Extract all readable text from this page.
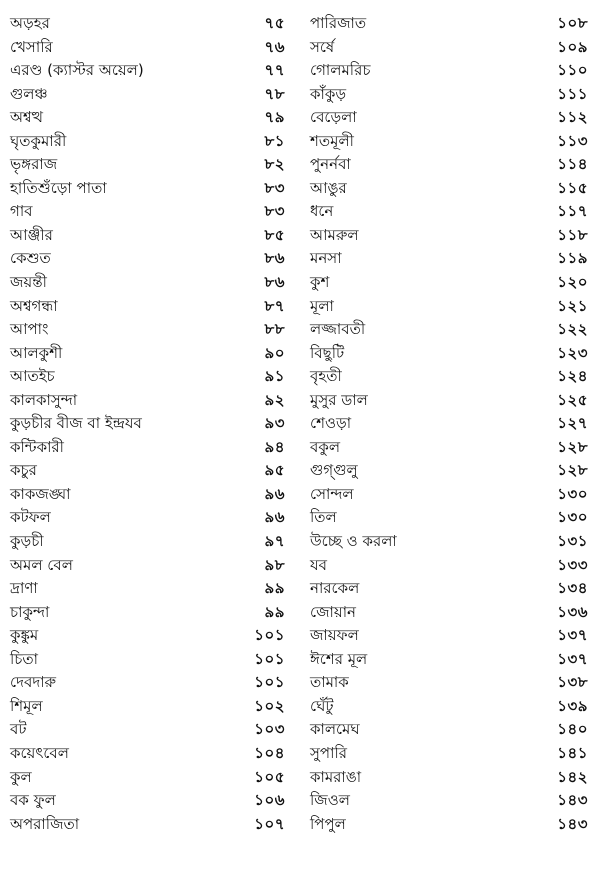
অড়হর	৭৫
খেসারি	৭৬
এরণ্ড (ক্যাস্টর অয়েল)	৭৭
গুলঞ্চ	৭৮
অশ্বত্থ	৭৯
ঘৃতকুমারী	৮১
ভৃঙ্গরাজ	৮২
হাতিশুঁড়ো পাতা	৮৩
গাব	৮৩
আঞ্জীর	৮৫
কেশুত	৮৬
জয়ন্তী	৮৬
অশ্বগন্ধা	৮৭
আপাং	৮৮
আলকুশী	৯০
আতইচ	৯১
কালকাসুন্দা	৯২
কুড়চীর বীজ বা ইন্দ্রযব	৯৩
কন্টিকারী	৯৪
কচুর	৯৫
কাকজঙ্ঘা	৯৬
কটফল	৯৬
কুড়চী	৯৭
অমল বেল	৯৮
দ্রাণা	৯৯
চাকুন্দা	৯৯
কুঙ্কুম	১০১
চিতা	১০১
দেবদারু	১০১
শিমূল	১০২
বট	১০৩
কয়েৎবেল	১০৪
কুল	১০৫
বক ফুল	১০৬
অপরাজিতা	১০৭
পারিজাত	১০৮
সর্ষে	১০৯
গোলমরিচ	১১০
কাঁকুড়	১১১
বেড়েলা	১১২
শতমূলী	১১৩
পুনর্নবা	১১৪
আঙুর	১১৫
ধনে	১১৭
আমরুল	১১৮
মনসা	১১৯
কুশ	১২০
মূলা	১২১
লজ্জাবতী	১২২
বিছুটি	১২৩
বৃহতী	১২৪
মুসুর ডাল	১২৫
শেওড়া	১২৭
বকুল	১২৮
গুগ্‌গুলু	১২৮
সোন্দল	১৩০
তিল	১৩০
উচ্ছে ও করলা	১৩১
যব	১৩৩
নারকেল	১৩৪
জোয়ান	১৩৬
জায়ফল	১৩৭
ঈশের মূল	১৩৭
তামাক	১৩৮
ঘেঁটু	১৩৯
কালমেঘ	১৪০
সুপারি	১৪১
কামরাঙা	১৪২
জিওল	১৪৩
পিপুল	১৪৩
